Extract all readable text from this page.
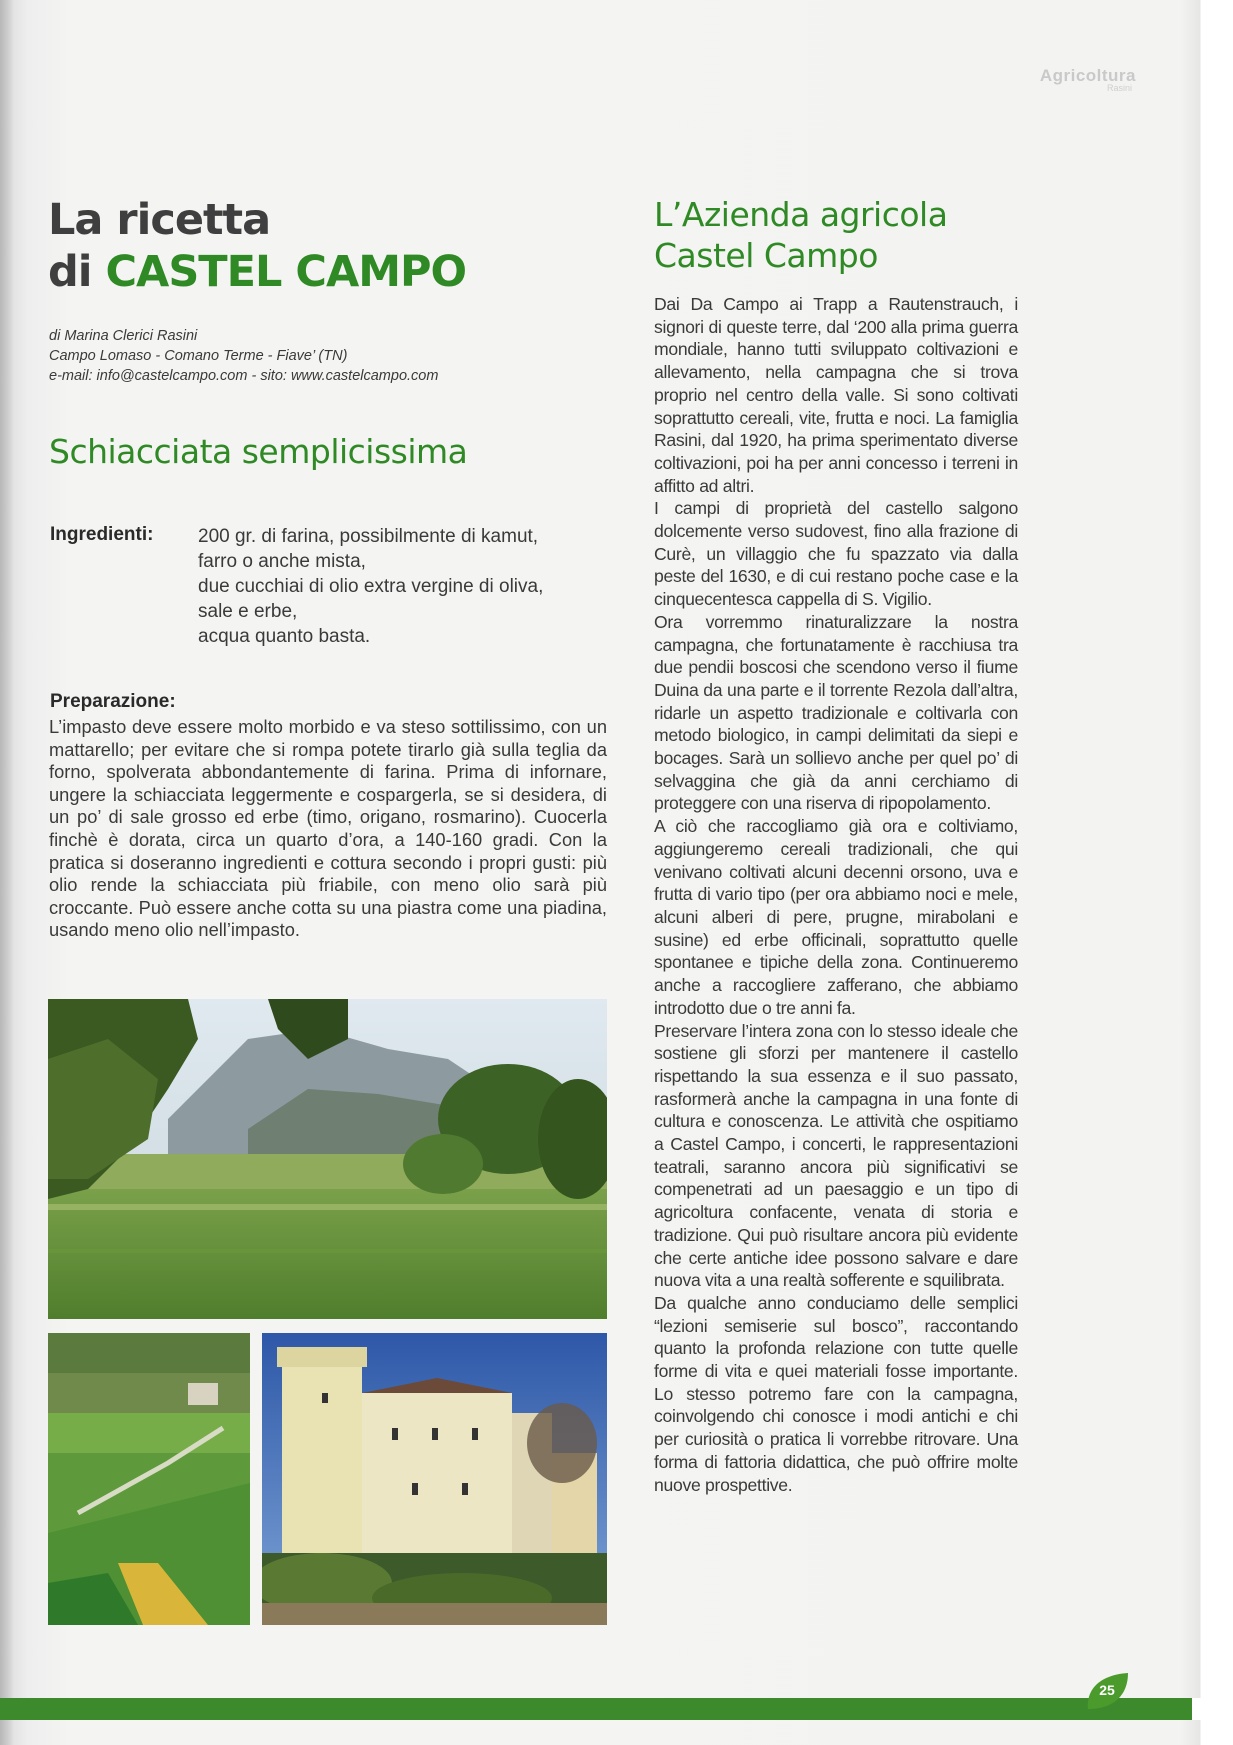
Agricoltura
Rasini
La ricetta
di CASTEL CAMPO
di Marina Clerici Rasini
Campo Lomaso - Comano Terme - Fiave’ (TN)
e-mail: info@castelcampo.com - sito: www.castelcampo.com
Schiacciata semplicissima
Ingredienti: 200 gr. di farina, possibilmente di kamut,
farro o anche mista,
due cucchiai di olio extra vergine di oliva,
sale e erbe,
acqua quanto basta.
Preparazione:

L’impasto deve essere molto morbido e va steso sottilissimo, con un mattarello; per evitare che si rompa potete tirarlo già sulla teglia da forno, spolverata abbondantemente di farina. Prima di infornare, ungere la schiacciata leggermente e cospargerla, se si desidera, di un po’ di sale grosso ed erbe (timo, origano, rosmarino). Cuocerla finchè è dorata, circa un quarto d’ora, a 140-160 gradi. Con la pratica si doseranno ingredienti e cottura secondo i propri gusti: più olio rende la schiacciata più friabile, con meno olio sarà più croccante. Può essere anche cotta su una piastra come una piadina, usando meno olio nell’impasto.

L’Azienda agricola
Castel Campo

Dai Da Campo ai Trapp a Rautenstrauch, i signori di queste terre, dal ‘200 alla prima guerra mondiale, hanno tutti sviluppato coltivazioni e allevamento, nella campagna che si trova proprio nel centro della valle. Si sono coltivati soprattutto cereali, vite, frutta e noci. La famiglia Rasini, dal 1920, ha prima sperimentato diverse coltivazioni, poi ha per anni concesso i terreni in affitto ad altri.

I campi di proprietà del castello salgono dolcemente verso sudovest, fino alla frazione di Curè, un villaggio che fu spazzato via dalla peste del 1630, e di cui restano poche case e la cinquecentesca cappella di S. Vigilio.

Ora vorremmo rinaturalizzare la nostra campagna, che fortunatamente è racchiusa tra due pendii boscosi che scendono verso il fiume Duina da una parte e il torrente Rezola dall’altra, ridarle un aspetto tradizionale e coltivarla con metodo biologico, in campi delimitati da siepi e bocages. Sarà un sollievo anche per quel po’ di selvaggina che già da anni cerchiamo di proteggere con una riserva di ripopolamento.

A ciò che raccogliamo già ora e coltiviamo, aggiungeremo cereali tradizionali, che qui venivano coltivati alcuni decenni orsono, uva e frutta di vario tipo (per ora abbiamo noci e mele, alcuni alberi di pere, prugne, mirabolani e susine) ed erbe officinali, soprattutto quelle spontanee e tipiche della zona. Continueremo anche a raccogliere zafferano, che abbiamo introdotto due o tre anni fa.

Preservare l’intera zona con lo stesso ideale che sostiene gli sforzi per mantenere il castello rispettando la sua essenza e il suo passato, rasformerà anche la campagna in una fonte di cultura e conoscenza. Le attività che ospitiamo a Castel Campo, i concerti, le rappresentazioni teatrali, saranno ancora più significativi se compenetrati ad un paesaggio e un tipo di agricoltura confacente, venata di storia e tradizione. Qui può risultare ancora più evidente che certe antiche idee possono salvare e dare nuova vita a una realtà sofferente e squilibrata.

Da qualche anno conduciamo delle semplici “lezioni semiserie sul bosco”, raccontando quanto la profonda relazione con tutte quelle forme di vita e quei materiali fosse importante. Lo stesso potremo fare con la campagna, coinvolgendo chi conosce i modi antichi e chi per curiosità o pratica li vorrebbe ritrovare. Una forma di fattoria didattica, che può offrire molte nuove prospettive.

25
